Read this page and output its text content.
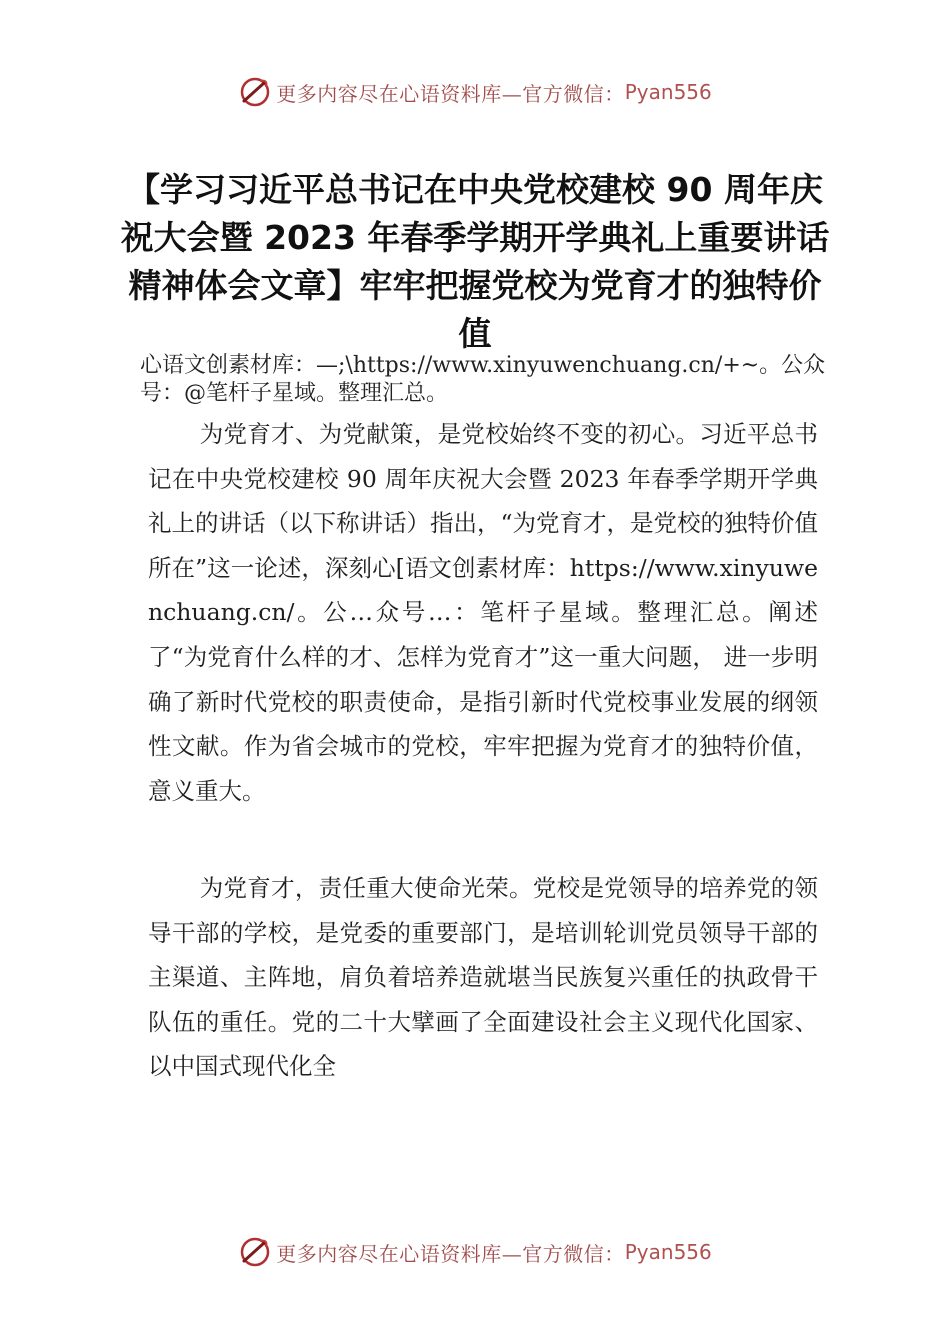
更多内容尽在心语资料库—官方微信： Pyan556
【学习习近平总书记在中央党校建校 90 周年庆祝大会暨 2023 年春季学期开学典礼上重要讲话精神体会文章】牢牢把握党校为党育才的独特价值
心语文创素材库：—;\https://www.xinyuwenchuang.cn/+~。公众号：@笔杆子星域。整理汇总。

为党育才、为党献策，是党校始终不变的初心。习近平总书记在中央党校建校 90 周年庆祝大会暨 2023 年春季学期开学典礼上的讲话（以下称讲话）指出，“为党育才，是党校的独特价值所在”这一论述，深刻心[语文创素材库：https://www.xinyuwenchuang.cn/。公…众号…：笔杆子星域。整理汇总。阐述了“为党育什么样的才、怎样为党育才”这一重大问题， 进一步明确了新时代党校的职责使命，是指引新时代党校事业发展的纲领性文献。作为省会城市的党校，牢牢把握为党育才的独特价值，意义重大。

为党育才，责任重大使命光荣。党校是党领导的培养党的领导干部的学校，是党委的重要部门，是培训轮训党员领导干部的主渠道、主阵地，肩负着培养造就堪当民族复兴重任的执政骨干队伍的重任。党的二十大擘画了全面建设社会主义现代化国家、以中国式现代化全

更多内容尽在心语资料库—官方微信： Pyan556
